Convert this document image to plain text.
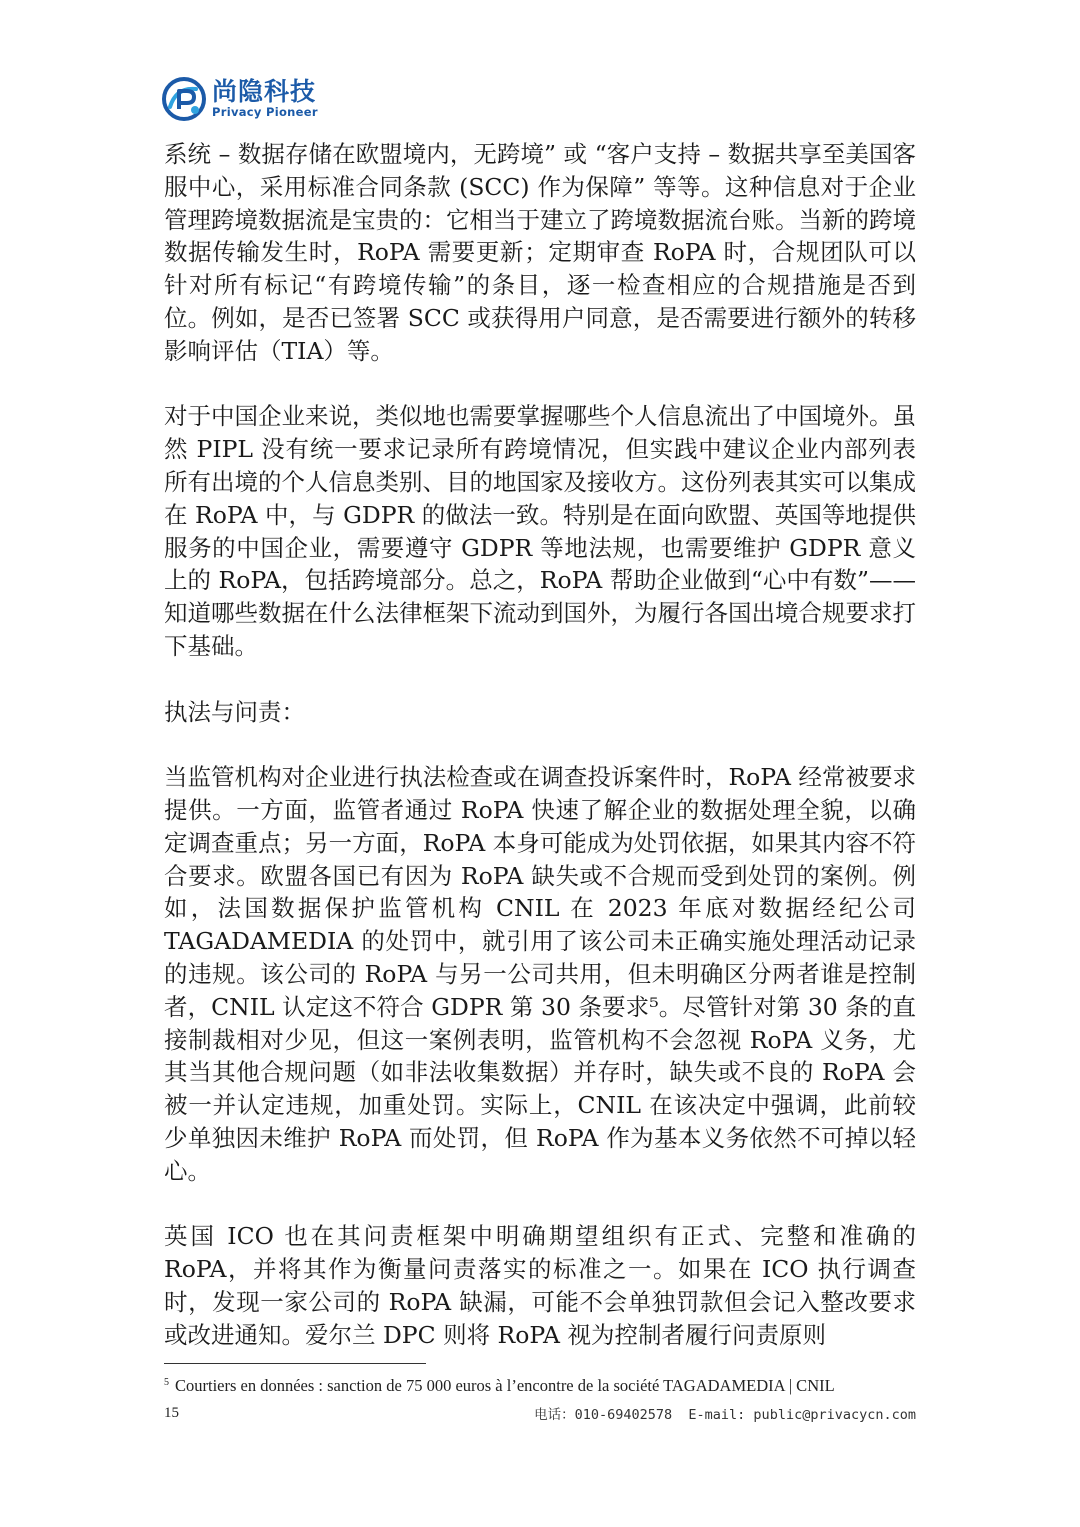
尚隐科技
Privacy Pioneer

系统 – 数据存储在欧盟境内，无跨境” 或 “客户支持 – 数据共享至美国客服中心，采用标准合同条款 (SCC) 作为保障” 等等。这种信息对于企业管理跨境数据流是宝贵的：它相当于建立了跨境数据流台账。当新的跨境数据传输发生时，RoPA 需要更新；定期审查 RoPA 时，合规团队可以针对所有标记“有跨境传输”的条目，逐一检查相应的合规措施是否到位。例如，是否已签署 SCC 或获得用户同意，是否需要进行额外的转移影响评估（TIA）等。

对于中国企业来说，类似地也需要掌握哪些个人信息流出了中国境外。虽然 PIPL 没有统一要求记录所有跨境情况，但实践中建议企业内部列表所有出境的个人信息类别、目的地国家及接收方。这份列表其实可以集成在 RoPA 中，与 GDPR 的做法一致。特别是在面向欧盟、英国等地提供服务的中国企业，需要遵守 GDPR 等地法规，也需要维护 GDPR 意义上的 RoPA，包括跨境部分。总之，RoPA 帮助企业做到“心中有数”——知道哪些数据在什么法律框架下流动到国外，为履行各国出境合规要求打下基础。

执法与问责：

当监管机构对企业进行执法检查或在调查投诉案件时，RoPA 经常被要求提供。一方面，监管者通过 RoPA 快速了解企业的数据处理全貌，以确定调查重点；另一方面，RoPA 本身可能成为处罚依据，如果其内容不符合要求。欧盟各国已有因为 RoPA 缺失或不合规而受到处罚的案例。例如，法国数据保护监管机构 CNIL 在 2023 年底对数据经纪公司 TAGADAMEDIA 的处罚中，就引用了该公司未正确实施处理活动记录的违规。该公司的 RoPA 与另一公司共用，但未明确区分两者谁是控制者，CNIL 认定这不符合 GDPR 第 30 条要求⁵。尽管针对第 30 条的直接制裁相对少见，但这一案例表明，监管机构不会忽视 RoPA 义务，尤其当其他合规问题（如非法收集数据）并存时，缺失或不良的 RoPA 会被一并认定违规，加重处罚。实际上，CNIL 在该决定中强调，此前较少单独因未维护 RoPA 而处罚，但 RoPA 作为基本义务依然不可掉以轻心。

英国 ICO 也在其问责框架中明确期望组织有正式、完整和准确的 RoPA，并将其作为衡量问责落实的标准之一。如果在 ICO 执行调查时，发现一家公司的 RoPA 缺漏，可能不会单独罚款但会记入整改要求或改进通知。爱尔兰 DPC 则将 RoPA 视为控制者履行问责原则

$^5$ Courtiers en données : sanction de 75 000 euros à l’encontre de la société TAGADAMEDIA | CNIL
15	电话：010-69402578  E-mail: public@privacycn.com
